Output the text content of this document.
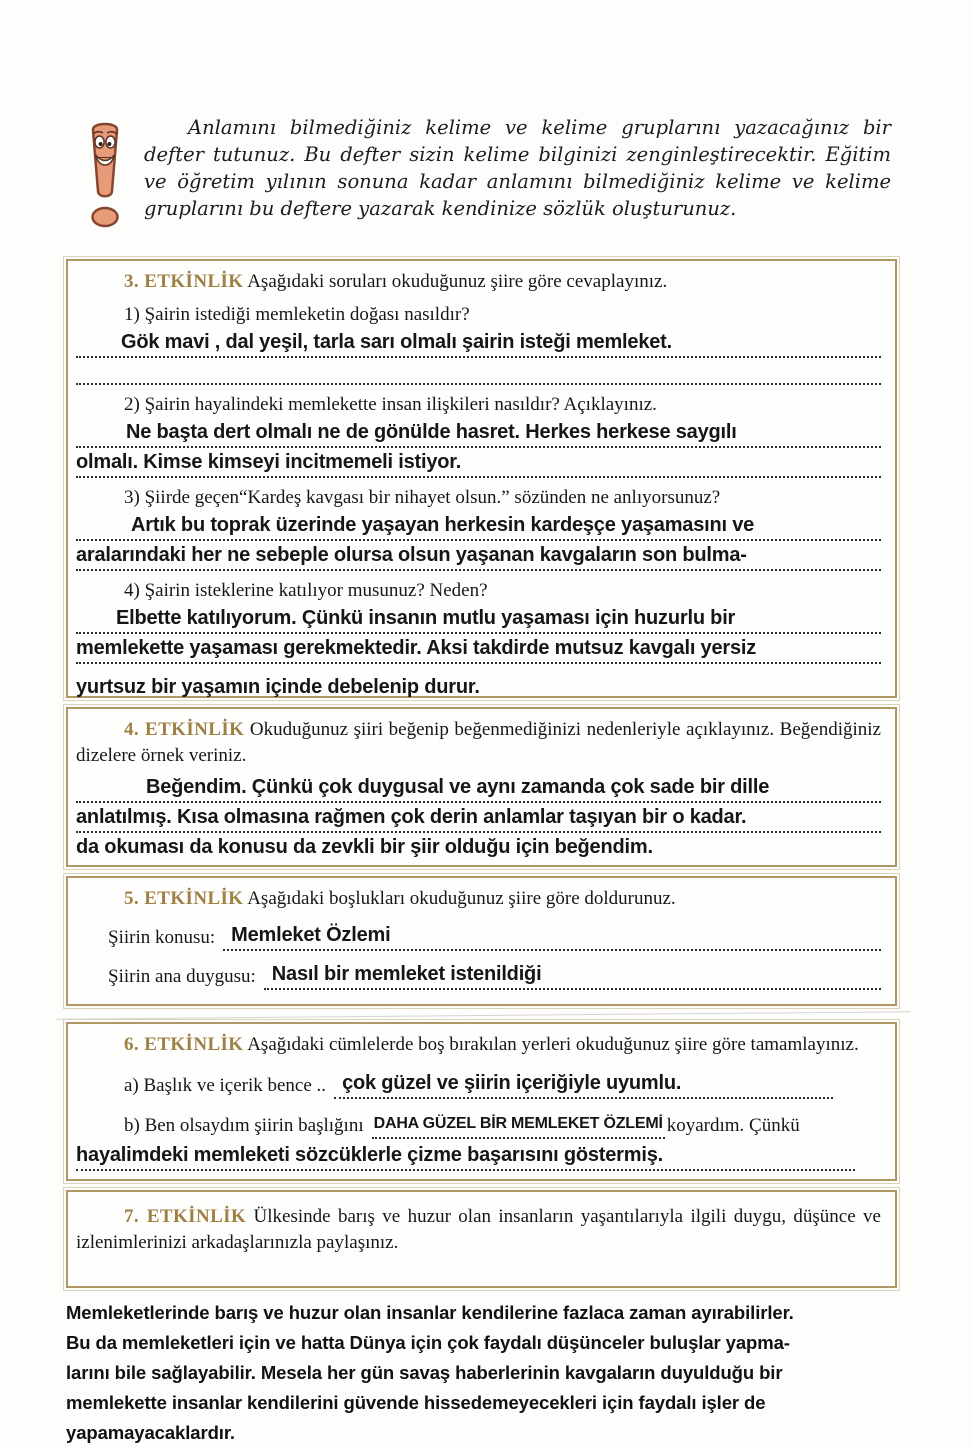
Anlamını bilmediğiniz kelime ve kelime gruplarını yazacağınız bir defter tutunuz. Bu defter sizin kelime bilginizi zenginleştirecektir. Eğitim ve öğretim yılının sonuna kadar anlamını bilmediğiniz kelime ve kelime gruplarını bu deftere yazarak kendinize sözlük oluşturunuz.

3. ETKİNLİK Aşağıdaki soruları okuduğunuz şiire göre cevaplayınız.

1) Şairin istediği memleketin doğası nasıldır?

Gök mavi , dal yeşil, tarla sarı olmalı şairin isteği memleket.

2) Şairin hayalindeki memlekette insan ilişkileri nasıldır? Açıklayınız.

Ne başta dert olmalı ne de gönülde hasret. Herkes herkese saygılı
olmalı. Kimse kimseyi incitmemeli istiyor.

3) Şiirde geçen“Kardeş kavgası bir nihayet olsun.” sözünden ne anlıyorsunuz?

Artık bu toprak üzerinde yaşayan herkesin kardeşçe yaşamasını ve
aralarındaki her ne sebeple olursa olsun yaşanan kavgaların son bulma-

4) Şairin isteklerine katılıyor musunuz? Neden?

Elbette katılıyorum. Çünkü insanın mutlu yaşaması için huzurlu bir
memlekette yaşaması gerekmektedir. Aksi takdirde mutsuz kavgalı yersiz
yurtsuz bir yaşamın içinde debelenip durur.

4. ETKİNLİK Okuduğunuz şiiri beğenip beğenmediğinizi nedenleriyle açıklayınız. Beğendiğiniz dizelere örnek veriniz.

Beğendim. Çünkü çok duygusal ve aynı zamanda çok sade bir dille
anlatılmış. Kısa olmasına rağmen çok derin anlamlar taşıyan bir o kadar.
da okuması da konusu da zevkli bir şiir olduğu için beğendim.

5. ETKİNLİK Aşağıdaki boşlukları okuduğunuz şiire göre doldurunuz.

Şiirin konusu: Memleket Özlemi
Şiirin ana duygusu: Nasıl bir memleket istenildiği

6. ETKİNLİK Aşağıdaki cümlelerde boş bırakılan yerleri okuduğunuz şiire göre tamamlayınız.

a) Başlık ve içerik bence .. çok güzel ve şiirin içeriğiyle uyumlu.
b) Ben olsaydım şiirin başlığını DAHA GÜZEL BİR MEMLEKET ÖZLEMİ koyardım. Çünkü
hayalimdeki memleketi sözcüklerle çizme başarısını göstermiş.

7. ETKİNLİK Ülkesinde barış ve huzur olan insanların yaşantılarıyla ilgili duygu, düşünce ve izlenimlerinizi arkadaşlarınızla paylaşınız.

Memleketlerinde barış ve huzur olan insanlar kendilerine fazlaca zaman ayırabilirler.
Bu da memleketleri için ve hatta Dünya için çok faydalı düşünceler buluşlar yapma-
larını bile sağlayabilir. Mesela her gün savaş haberlerinin kavgaların duyulduğu bir
memlekette insanlar kendilerini güvende hissedemeyecekleri için faydalı işler de
yapamayacaklardır.
